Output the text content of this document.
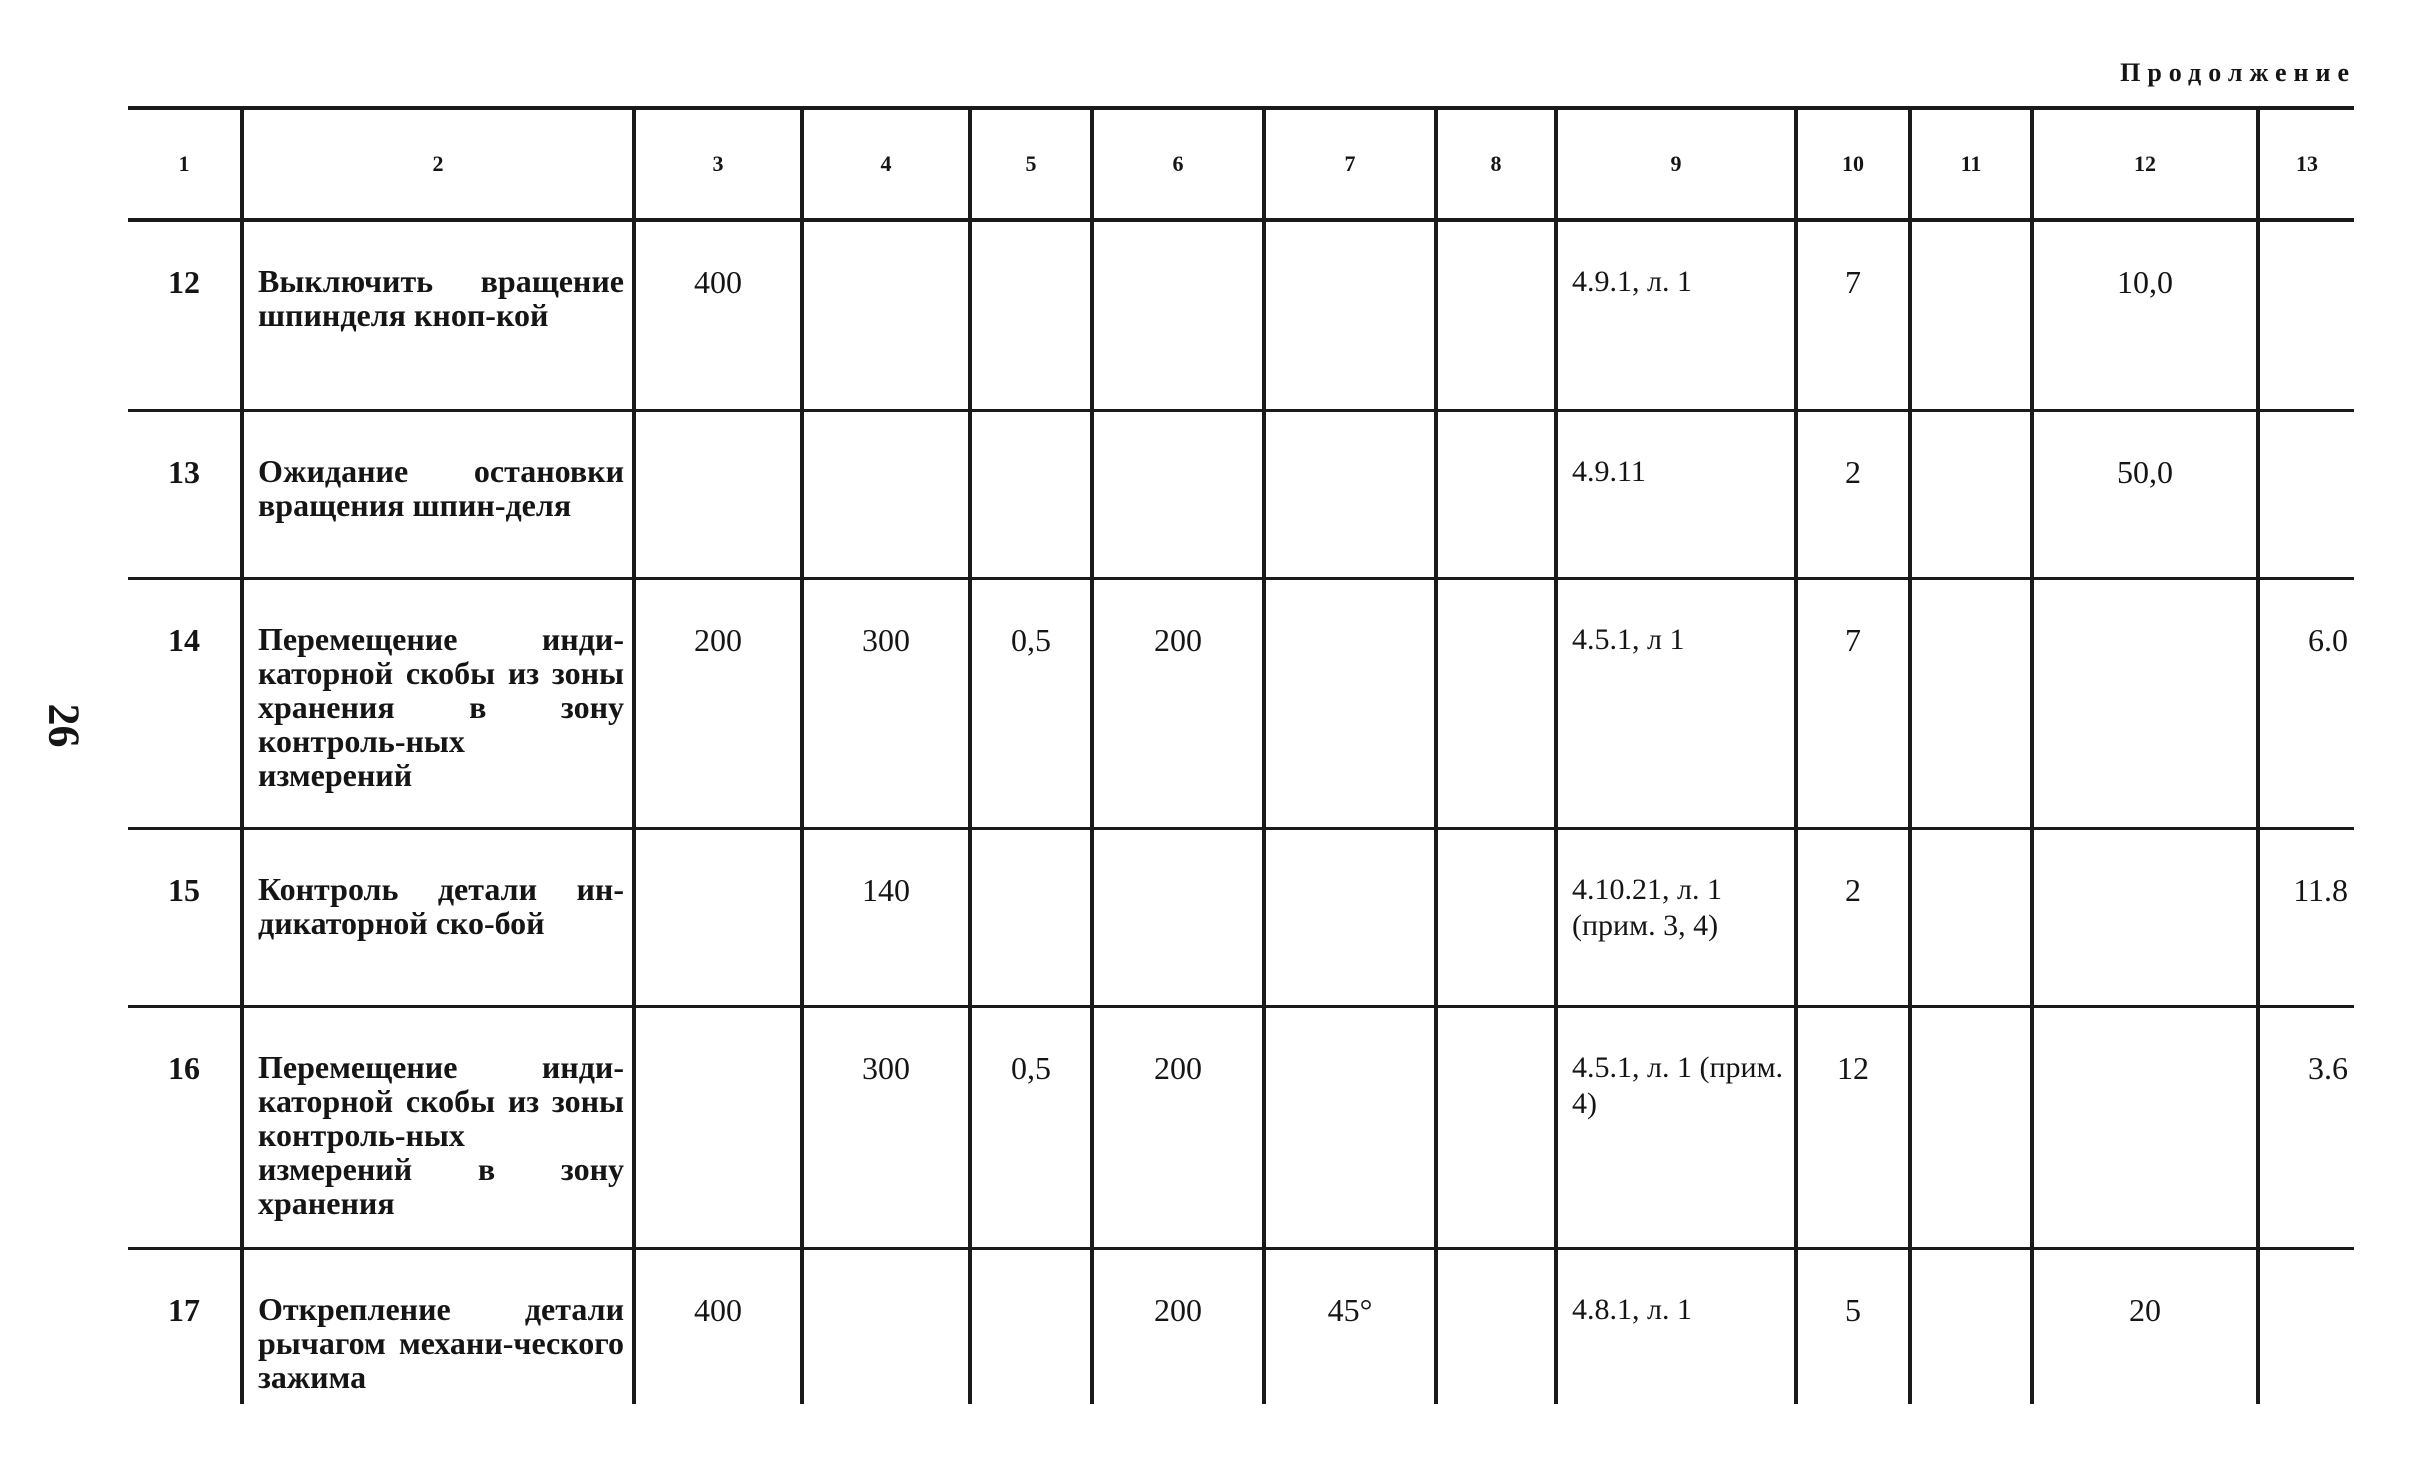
Продолжение
26
1	2	3	4	5	6	7	8	9	10	11	12	13
12	Выключить вращение шпинделя кноп-кой	400						4.9.1, л. 1	7		10,0	
13	Ожидание остановки вращения шпин-деля							4.9.11	2		50,0	
14	Перемещение инди-каторной скобы из зоны хранения в зону контроль-ных измерений	200	300	0,5	200			4.5.1, л 1	7			6.0
15	Контроль детали ин-дикаторной ско-бой		140					4.10.21, л. 1 (прим. 3, 4)	2			11.8
16	Перемещение инди-каторной скобы из зоны контроль-ных измерений в зону хранения		300	0,5	200			4.5.1, л. 1 (прим. 4)	12			3.6
17	Открепление детали рычагом механи-ческого зажима	400			200	45°		4.8.1, л. 1	5		20	
